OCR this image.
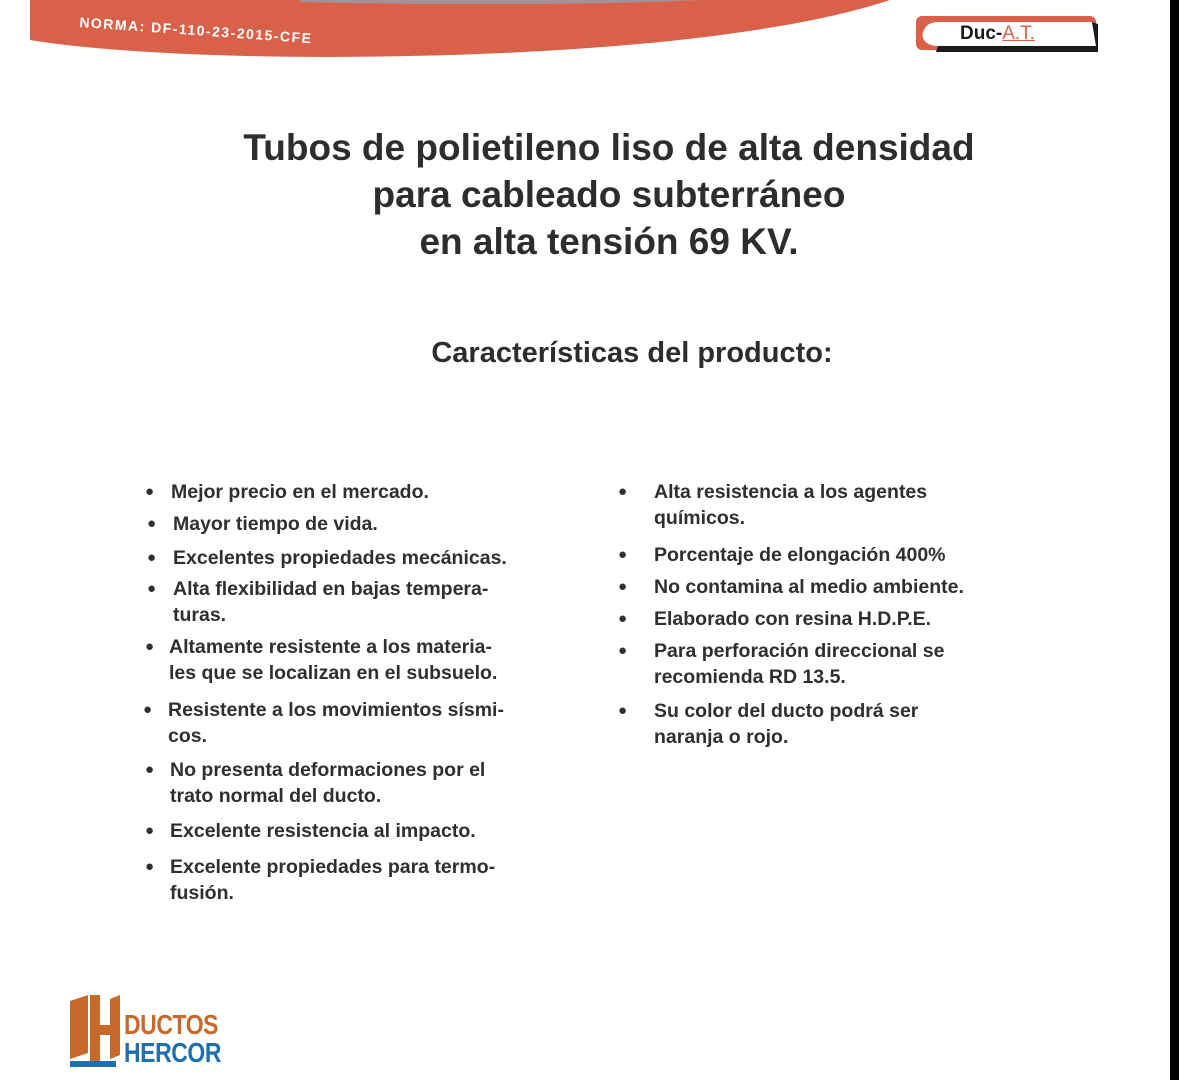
NORMA: DF-110-23-2015-CFE	Duc-A.T.
Tubos de polietileno liso de alta densidad
para cableado subterráneo
en alta tensión 69 KV.
Características del producto:
● Mejor precio en el mercado.
● Mayor tiempo de vida.
● Excelentes propiedades mecánicas.
● Alta flexibilidad en bajas tempera-
turas.
● Altamente resistente a los materia-
les que se localizan en el subsuelo.
● Resistente a los movimientos sísmi-
cos.
● No presenta deformaciones por el
trato normal del ducto.
● Excelente resistencia al impacto.
● Excelente propiedades para termo-
fusión.
● Alta resistencia a los agentes
químicos.
● Porcentaje de elongación 400%
● No contamina al medio ambiente.
● Elaborado con resina H.D.P.E.
● Para perforación direccional se
recomienda RD 13.5.
● Su color del ducto podrá ser
naranja o rojo.
DUCTOS
HERCOR
